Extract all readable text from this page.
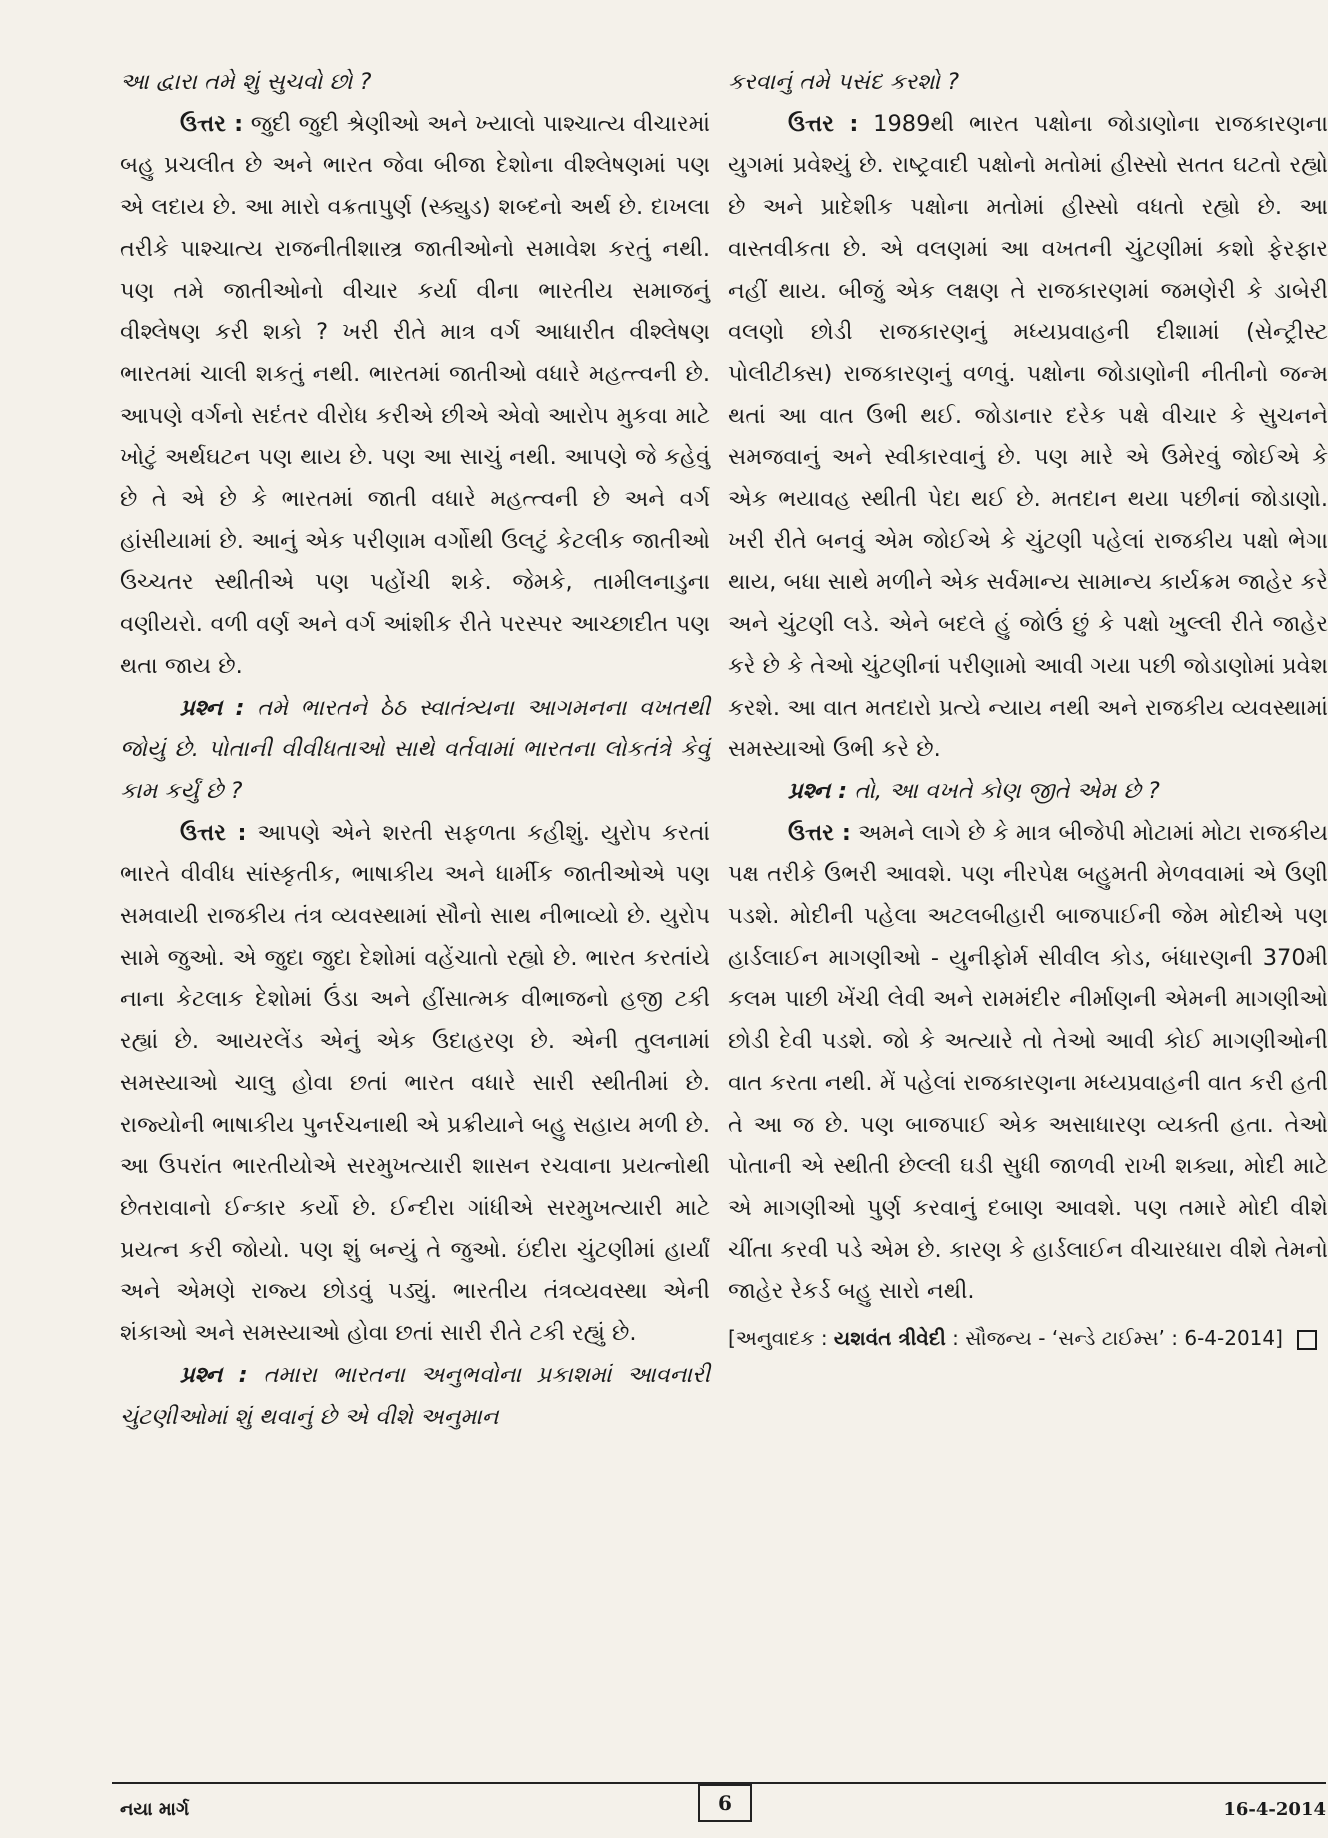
આ દ્વારા તમે શું સુચવો છો ?

ઉત્તર : જુદી જુદી શ્રેણીઓ અને ખ્યાલો પાશ્ચાત્ય વીચારમાં બહુ પ્રચલીત છે અને ભારત જેવા બીજા દેશોના વીશ્લેષણમાં પણ એ લદાય છે. આ મારો વક્રતાપુર્ણ (સ્ક્યુડ) શબ્દનો અર્થ છે. દાખલા તરીકે પાશ્ચાત્ય રાજનીતીશાસ્ત્ર જાતીઓનો સમાવેશ કરતું નથી. પણ તમે જાતીઓનો વીચાર કર્યા વીના ભારતીય સમાજનું વીશ્લેષણ કરી શકો ? ખરી રીતે માત્ર વર્ગ આધારીત વીશ્લેષણ ભારતમાં ચાલી શકતું નથી. ભારતમાં જાતીઓ વધારે મહત્ત્વની છે. આપણે વર્ગનો સદંતર વીરોધ કરીએ છીએ એવો આરોપ મુકવા માટે ખોટું અર્થઘટન પણ થાય છે. પણ આ સાચું નથી. આપણે જે કહેવું છે તે એ છે કે ભારતમાં જાતી વધારે મહત્ત્વની છે અને વર્ગ હાંસીયામાં છે. આનું એક પરીણામ વર્ગોથી ઉલટું કેટલીક જાતીઓ ઉચ્ચતર સ્થીતીએ પણ પહોંચી શકે. જેમકે, તામીલનાડુના વણીયરો. વળી વર્ણ અને વર્ગ આંશીક રીતે પરસ્પર આચ્છાદીત પણ થતા જાય છે.

પ્રશ્ન : તમે ભારતને ઠેઠ સ્વાતંત્ર્યના આગમનના વખતથી જોયું છે. પોતાની વીવીધતાઓ સાથે વર્તવામાં ભારતના લોકતંત્રે કેવું કામ કર્યું છે ?

ઉત્તર : આપણે એને શરતી સફળતા કહીશું. યુરોપ કરતાં ભારતે વીવીધ સાંસ્કૃતીક, ભાષાકીય અને ધાર્મીક જાતીઓએ પણ સમવાયી રાજકીય તંત્ર વ્યવસ્થામાં સૌનો સાથ નીભાવ્યો છે. યુરોપ સામે જુઓ. એ જુદા જુદા દેશોમાં વહેંચાતો રહ્યો છે. ભારત કરતાંયે નાના કેટલાક દેશોમાં ઉંડા અને હીંસાત્મક વીભાજનો હજી ટકી રહ્યાં છે. આયરલેંડ એનું એક ઉદાહરણ છે. એની તુલનામાં સમસ્યાઓ ચાલુ હોવા છતાં ભારત વધારે સારી સ્થીતીમાં છે. રાજ્યોની ભાષાકીય પુનર્રચનાથી એ પ્રક્રીયાને બહુ સહાય મળી છે. આ ઉપરાંત ભારતીયોએ સરમુખત્યારી શાસન રચવાના પ્રયત્નોથી છેતરાવાનો ઈન્કાર કર્યો છે. ઈન્દીરા ગાંધીએ સરમુખત્યારી માટે પ્રયત્ન કરી જોયો. પણ શું બન્યું તે જુઓ. ઇંદીરા ચુંટણીમાં હાર્યાં અને એમણે રાજ્ય છોડવું પડ્યું. ભારતીય તંત્રવ્યવસ્થા એની શંકાઓ અને સમસ્યાઓ હોવા છતાં સારી રીતે ટકી રહ્યું છે.

પ્રશ્ન : તમારા ભારતના અનુભવોના પ્રકાશમાં આવનારી ચુંટણીઓમાં શું થવાનું છે એ વીશે અનુમાન

કરવાનું તમે પસંદ કરશો ?

ઉત્તર : 1989થી ભારત પક્ષોના જોડાણોના રાજકારણના યુગમાં પ્રવેશ્યું છે. રાષ્ટ્રવાદી પક્ષોનો મતોમાં હીસ્સો સતત ઘટતો રહ્યો છે અને પ્રાદેશીક પક્ષોના મતોમાં હીસ્સો વધતો રહ્યો છે. આ વાસ્તવીકતા છે. એ વલણમાં આ વખતની ચુંટણીમાં કશો ફેરફાર નહીં થાય. બીજું એક લક્ષણ તે રાજકારણમાં જમણેરી કે ડાબેરી વલણો છોડી રાજકારણનું મધ્યપ્રવાહની દીશામાં (સેન્ટ્રીસ્ટ પોલીટીક્સ) રાજકારણનું વળવું. પક્ષોના જોડાણોની નીતીનો જન્મ થતાં આ વાત ઉભી થઈ. જોડાનાર દરેક પક્ષે વીચાર કે સુચનને સમજવાનું અને સ્વીકારવાનું છે. પણ મારે એ ઉમેરવું જોઈએ કે એક ભયાવહ સ્થીતી પેદા થઈ છે. મતદાન થયા પછીનાં જોડાણો. ખરી રીતે બનવું એમ જોઈએ કે ચુંટણી પહેલાં રાજકીય પક્ષો ભેગા થાય, બધા સાથે મળીને એક સર્વમાન્ય સામાન્ય કાર્યક્રમ જાહેર કરે અને ચુંટણી લડે. એને બદલે હું જોઉં છું કે પક્ષો ખુલ્લી રીતે જાહેર કરે છે કે તેઓ ચુંટણીનાં પરીણામો આવી ગયા પછી જોડાણોમાં પ્રવેશ કરશે. આ વાત મતદારો પ્રત્યે ન્યાય નથી અને રાજકીય વ્યવસ્થામાં સમસ્યાઓ ઉભી કરે છે.

પ્રશ્ન : તો, આ વખતે કોણ જીતે એમ છે ?

ઉત્તર : અમને લાગે છે કે માત્ર બીજેપી મોટામાં મોટા રાજકીય પક્ષ તરીકે ઉભરી આવશે. પણ નીરપેક્ષ બહુમતી મેળવવામાં એ ઉણી પડશે. મોદીની પહેલા અટલબીહારી બાજપાઈની જેમ મોદીએ પણ હાર્ડલાઈન માગણીઓ - યુનીફોર્મ સીવીલ કોડ, બંધારણની 370મી કલમ પાછી ખેંચી લેવી અને રામમંદીર નીર્માણની એમની માગણીઓ છોડી દેવી પડશે. જો કે અત્યારે તો તેઓ આવી કોઈ માગણીઓની વાત કરતા નથી. મેં પહેલાં રાજકારણના મધ્યપ્રવાહની વાત કરી હતી તે આ જ છે. પણ બાજપાઈ એક અસાધારણ વ્યક્તી હતા. તેઓ પોતાની એ સ્થીતી છેલ્લી ઘડી સુધી જાળવી રાખી શક્યા, મોદી માટે એ માગણીઓ પુર્ણ કરવાનું દબાણ આવશે. પણ તમારે મોદી વીશે ચીંતા કરવી પડે એમ છે. કારણ કે હાર્ડલાઈન વીચારધારા વીશે તેમનો જાહેર રેકર્ડ બહુ સારો નથી.

[અનુવાદક : યશવંત ત્રીવેદી : સૌજન્ય - ‘સન્ડે ટાઈમ્સ’ : 6-4-2014]

નયા માર્ગ	6	16-4-2014
